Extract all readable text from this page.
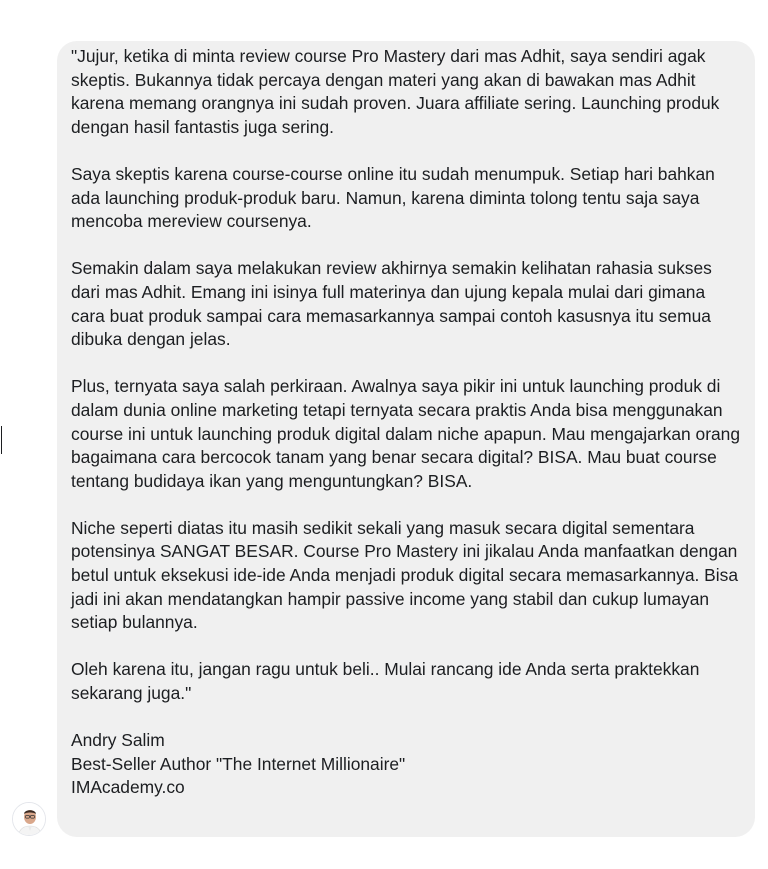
"Jujur, ketika di minta review course Pro Mastery dari mas Adhit, saya sendiri agak skeptis. Bukannya tidak percaya dengan materi yang akan di bawakan mas Adhit karena memang orangnya ini sudah proven. Juara affiliate sering. Launching produk dengan hasil fantastis juga sering.

Saya skeptis karena course-course online itu sudah menumpuk. Setiap hari bahkan ada launching produk-produk baru. Namun, karena diminta tolong tentu saja saya mencoba mereview coursenya.

Semakin dalam saya melakukan review akhirnya semakin kelihatan rahasia sukses dari mas Adhit. Emang ini isinya full materinya dan ujung kepala mulai dari gimana cara buat produk sampai cara memasarkannya sampai contoh kasusnya itu semua dibuka dengan jelas.

Plus, ternyata saya salah perkiraan. Awalnya saya pikir ini untuk launching produk di dalam dunia online marketing tetapi ternyata secara praktis Anda bisa menggunakan course ini untuk launching produk digital dalam niche apapun. Mau mengajarkan orang bagaimana cara bercocok tanam yang benar secara digital? BISA. Mau buat course tentang budidaya ikan yang menguntungkan? BISA.

Niche seperti diatas itu masih sedikit sekali yang masuk secara digital sementara potensinya SANGAT BESAR. Course Pro Mastery ini jikalau Anda manfaatkan dengan betul untuk eksekusi ide-ide Anda menjadi produk digital secara memasarkannya. Bisa jadi ini akan mendatangkan hampir passive income yang stabil dan cukup lumayan setiap bulannya.

Oleh karena itu, jangan ragu untuk beli.. Mulai rancang ide Anda serta praktekkan sekarang juga."

Andry Salim
Best-Seller Author "The Internet Millionaire"
IMAcademy.co
